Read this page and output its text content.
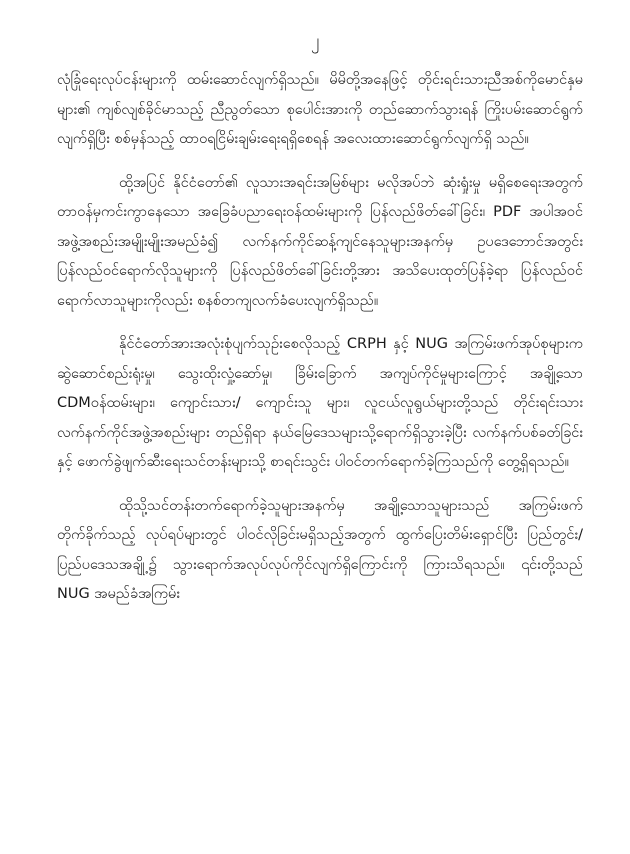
၂

လုံခြုံရေးလုပ်ငန်းများကို ထမ်းဆောင်လျက်ရှိသည်။ မိမိတို့အနေဖြင့် တိုင်းရင်းသားညီအစ်ကိုမောင်နှမများ၏ ကျစ်လျစ်ခိုင်မာသည့် ညီညွတ်သော စုပေါင်းအားကို တည်ဆောက်သွားရန် ကြိုးပမ်းဆောင်ရွက်လျက်ရှိပြီး စစ်မှန်သည့် ထာဝရငြိမ်းချမ်းရေးရရှိစေရန် အလေးထားဆောင်ရွက်လျက်ရှိ သည်။

ထို့အပြင် နိုင်ငံတော်၏ လူသားအရင်းအမြစ်များ မလိုအပ်ဘဲ ဆုံးရှုံးမှု မရှိစေရေးအတွက် တာဝန်မှကင်းကွာနေသော အခြေခံပညာရေးဝန်ထမ်းများကို ပြန်လည်ဖိတ်ခေါ်ခြင်း၊ PDF အပါအဝင် အဖွဲ့အစည်းအမျိုးမျိုးအမည်ခံ၍ လက်နက်ကိုင်ဆန့်ကျင်နေသူများအနက်မှ ဥပဒေဘောင်အတွင်း ပြန်လည်ဝင်ရောက်လိုသူများကို ပြန်လည်ဖိတ်ခေါ်ခြင်းတို့အား အသိပေးထုတ်ပြန်ခဲ့ရာ ပြန်လည်ဝင်ရောက်လာသူများကိုလည်း စနစ်တကျလက်ခံပေးလျက်ရှိသည်။

နိုင်ငံတော်အားအလုံးစုံပျက်သုဉ်းစေလိုသည့် CRPH နှင့် NUG အကြမ်းဖက်အုပ်စုများက ဆွဲဆောင်စည်းရုံးမှု၊ သွေးထိုးလှုံ့ဆော်မှု၊ ခြိမ်းခြောက် အကျပ်ကိုင်မှုများကြောင့် အချို့သော CDMဝန်ထမ်းများ၊ ကျောင်းသား/ ကျောင်းသူ များ၊ လူငယ်လူရွယ်များတို့သည် တိုင်းရင်းသား လက်နက်ကိုင်အဖွဲ့အစည်းများ တည်ရှိရာ နယ်မြေဒေသများသို့ရောက်ရှိသွားခဲ့ပြီး လက်နက်ပစ်ခတ်ခြင်းနှင့် ဖောက်ခွဲဖျက်ဆီးရေးသင်တန်းများသို့ စာရင်းသွင်း ပါဝင်တက်ရောက်ခဲ့ကြသည်ကို တွေ့ရှိရသည်။

ထိုသို့သင်တန်းတက်ရောက်ခဲ့သူများအနက်မှ အချို့သောသူများသည် အကြမ်းဖက် တိုက်ခိုက်သည့် လုပ်ရပ်များတွင် ပါဝင်လိုခြင်းမရှိသည့်အတွက် ထွက်ပြေးတိမ်းရှောင်ပြီး ပြည်တွင်း/ပြည်ပဒေသအချို့၌ သွားရောက်အလုပ်လုပ်ကိုင်လျက်ရှိကြောင်းကို ကြားသိရသည်။ ၎င်းတို့သည် NUG အမည်ခံအကြမ်း
